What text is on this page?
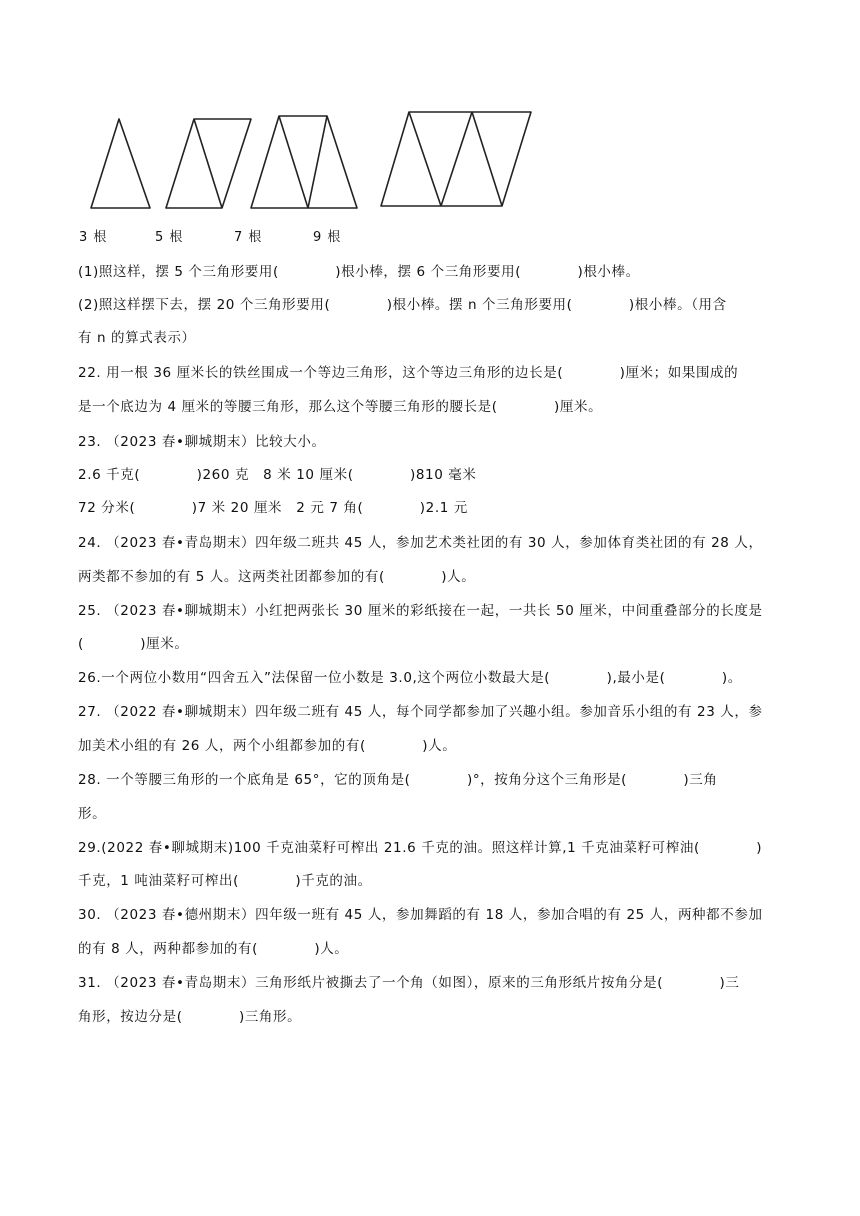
3 根	5 根	7 根	9 根
(1)照这样，摆 5 个三角形要用(　　　　)根小棒，摆 6 个三角形要用(　　　　)根小棒。
(2)照这样摆下去，摆 20 个三角形要用(　　　　)根小棒。摆 n 个三角形要用(　　　　)根小棒。（用含
有 n 的算式表示）
22. 用一根 36 厘米长的铁丝围成一个等边三角形，这个等边三角形的边长是(　　　　)厘米；如果围成的
是一个底边为 4 厘米的等腰三角形，那么这个等腰三角形的腰长是(　　　　)厘米。
23. （2023 春•聊城期末）比较大小。
2.6 千克(　　　　)260 克　8 米 10 厘米(　　　　)810 毫米
72 分米(　　　　)7 米 20 厘米　2 元 7 角(　　　　)2.1 元
24. （2023 春•青岛期末）四年级二班共 45 人，参加艺术类社团的有 30 人，参加体育类社团的有 28 人，
两类都不参加的有 5 人。这两类社团都参加的有(　　　　)人。
25. （2023 春•聊城期末）小红把两张长 30 厘米的彩纸接在一起，一共长 50 厘米，中间重叠部分的长度是
(　　　　)厘米。
26.一个两位小数用“四舍五入”法保留一位小数是 3.0,这个两位小数最大是(　　　　),最小是(　　　　)。
27. （2022 春•聊城期末）四年级二班有 45 人，每个同学都参加了兴趣小组。参加音乐小组的有 23 人，参
加美术小组的有 26 人，两个小组都参加的有(　　　　)人。
28. 一个等腰三角形的一个底角是 65°，它的顶角是(　　　　)°，按角分这个三角形是(　　　　)三角
形。
29.(2022 春•聊城期末)100 千克油菜籽可榨出 21.6 千克的油。照这样计算,1 千克油菜籽可榨油(　　　　)
千克，1 吨油菜籽可榨出(　　　　)千克的油。
30. （2023 春•德州期末）四年级一班有 45 人，参加舞蹈的有 18 人，参加合唱的有 25 人，两种都不参加
的有 8 人，两种都参加的有(　　　　)人。
31. （2023 春•青岛期末）三角形纸片被撕去了一个角（如图），原来的三角形纸片按角分是(　　　　)三
角形，按边分是(　　　　)三角形。
